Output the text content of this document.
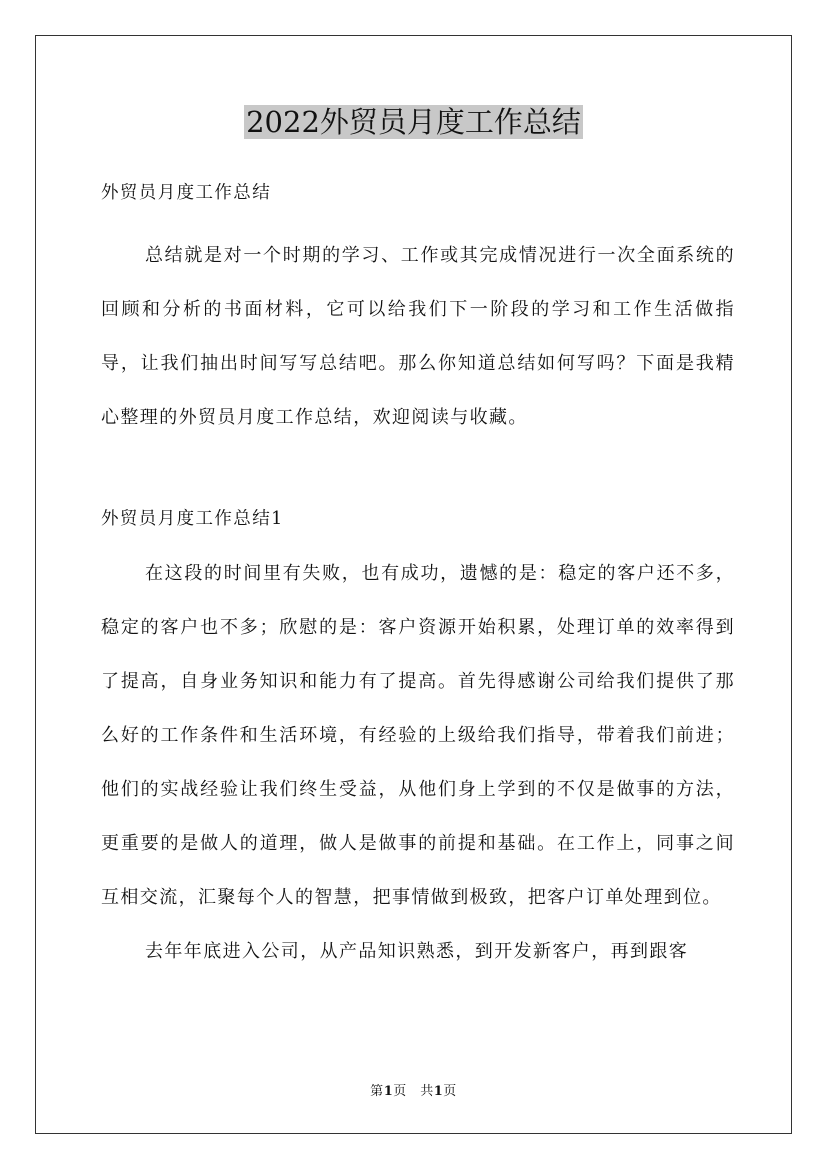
2022外贸员月度工作总结

外贸员月度工作总结

总结就是对一个时期的学习、工作或其完成情况进行一次全面系统的回顾和分析的书面材料，它可以给我们下一阶段的学习和工作生活做指导，让我们抽出时间写写总结吧。那么你知道总结如何写吗？下面是我精心整理的外贸员月度工作总结，欢迎阅读与收藏。

外贸员月度工作总结1

在这段的时间里有失败，也有成功，遗憾的是：稳定的客户还不多，稳定的客户也不多；欣慰的是：客户资源开始积累，处理订单的效率得到了提高，自身业务知识和能力有了提高。首先得感谢公司给我们提供了那么好的工作条件和生活环境，有经验的上级给我们指导，带着我们前进；他们的实战经验让我们终生受益，从他们身上学到的不仅是做事的方法，更重要的是做人的道理，做人是做事的前提和基础。在工作上，同事之间互相交流，汇聚每个人的智慧，把事情做到极致，把客户订单处理到位。

去年年底进入公司，从产品知识熟悉，到开发新客户，再到跟客

第1页　共1页
